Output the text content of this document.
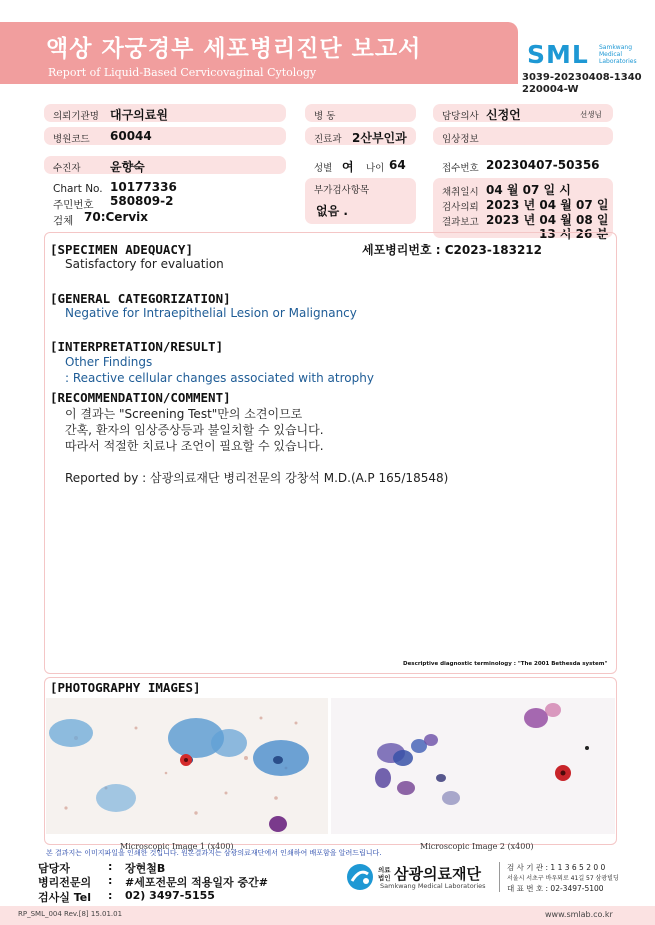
액상 자궁경부 세포병리진단 보고서
Report of Liquid-Based Cervicovaginal Cytology
SML Samkwang Medical Laboratories
3039-20230408-1340
220004-W
의뢰기관명 대구의료원	병 동	담당의사 신정언	선생님
병원코드 60044	진료과 2산부인과	임상정보
수진자 윤향숙	성별 여 나이 64	접수번호 20230407-50356
Chart No. 10177336
주민번호 580809-2
검체 70:Cervix
부가검사항목
없음 .
채취일시 04 월 07 일 시
검사의뢰 2023 년 04 월 07 일
결과보고 2023 년 04 월 08 일
13 시 26 분
[SPECIMEN ADEQUACY]	세포병리번호 : C2023-183212
Satisfactory for evaluation
[GENERAL CATEGORIZATION]
Negative for Intraepithelial Lesion or Malignancy
[INTERPRETATION/RESULT]
Other Findings
: Reactive cellular changes associated with atrophy
[RECOMMENDATION/COMMENT]
이 결과는 "Screening Test"만의 소견이므로
간혹, 환자의 임상증상등과 불일치할 수 있습니다.
따라서 적절한 치료나 조언이 필요할 수 있습니다.
Reported by : 삼광의료재단 병리전문의 강창석 M.D.(A.P 165/18548)
Descriptive diagnostic terminology : "The 2001 Bethesda system"
[PHOTOGRAPHY IMAGES]
Microscopic Image 1 (x400)	Microscopic Image 2 (x400)
본 결과지는 이미지파일을 인쇄한 것입니다. 원본결과지는 삼광의료재단에서 인쇄하여 배포함을 알려드립니다.
담당자	: 장현철B
병리전문의 : #세포전문의 적용일자 중간#
검사실 Tel : 02) 3497-5155
의료법인 삼광의료재단
Samkwang Medical Laboratories
검 사 기 관 : 1 1 3 6 5 2 0 0
서울시 서초구 바우뫼로 41길 57 삼광빌딩
대 표 번 호 : 02-3497-5100
RP_SML_004 Rev.[8] 15.01.01	www.smlab.co.kr
